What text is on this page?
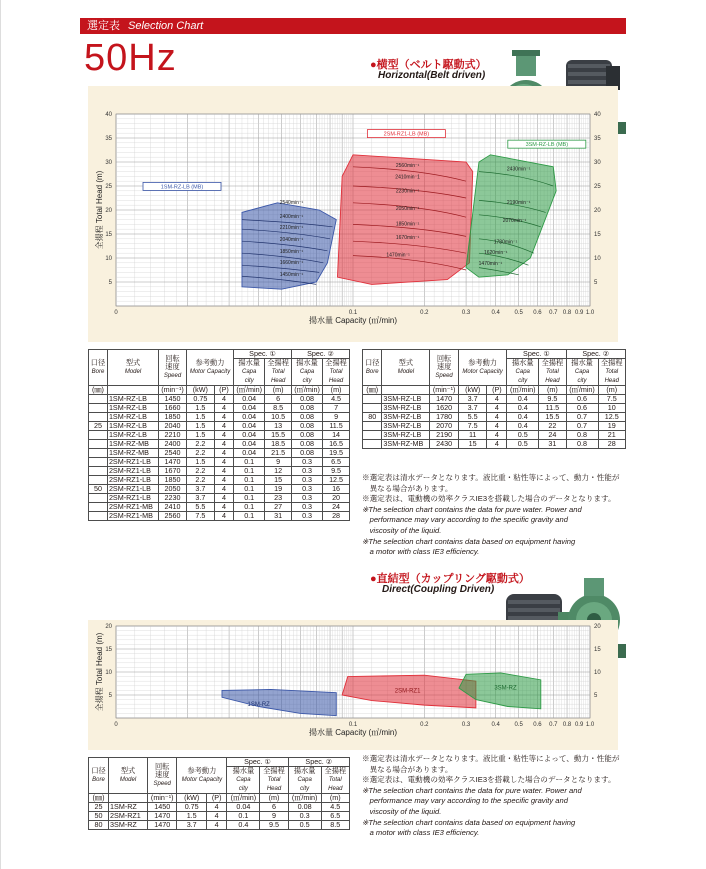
選定表 Selection Chart
50Hz	●横型（ベルト駆動式）
Horizontal(Belt driven)
5	5
10	10
15	15
20	20
25	25
30	30
35	35
40	40
0	0.1	0.2	0.3	0.4 0.5 0.6 0.7 0.8 0.9 1.0
揚水量 Capacity (㎥/min)
全揚程 Total Head (m)	2540min⁻¹
2400min⁻¹
2210min⁻¹
2040min⁻¹
1850min⁻¹
1660min⁻¹
1450min⁻¹
2560min⁻¹
2410min⁻1
2230min⁻¹
2050min⁻¹
1850min⁻¹
1670min⁻¹
1470min⁻¹
2430min⁻¹
2190min⁻¹
2070min⁻¹
1780min⁻¹
1620min⁻¹
1470min⁻¹
1SM-RZ-LB (MB)
2SM-RZ1-LB (MB)
3SM-RZ-LB (MB)
口径
Bore	型式
Model	回転
速度
Speed	参考動力
Motor Capacity		Spec. ①		Spec. ②	
					揚水量
Capa
city	全揚程
Total
Head	揚水量
Capa
city	全揚程
Total
Head
(㎜)		(min⁻¹)	(kW)	(P)	(㎥/min)	(m)	(㎥/min)	(m)
	1SM-RZ-LB	1450	0.75	4	0.04	6	0.08	4.5
	1SM-RZ-LB	1660	1.5	4	0.04	8.5	0.08	7
	1SM-RZ-LB	1850	1.5	4	0.04	10.5	0.08	9
25	1SM-RZ-LB	2040	1.5	4	0.04	13	0.08	11.5
	1SM-RZ-LB	2210	1.5	4	0.04	15.5	0.08	14
	1SM-RZ-MB	2400	2.2	4	0.04	18.5	0.08	16.5
	1SM-RZ-MB	2540	2.2	4	0.04	21.5	0.08	19.5
	2SM-RZ1-LB	1470	1.5	4	0.1	9	0.3	6.5
	2SM-RZ1-LB	1670	2.2	4	0.1	12	0.3	9.5
	2SM-RZ1-LB	1850	2.2	4	0.1	15	0.3	12.5
50	2SM-RZ1-LB	2050	3.7	4	0.1	19	0.3	16
	2SM-RZ1-LB	2230	3.7	4	0.1	23	0.3	20
	2SM-RZ1-MB	2410	5.5	4	0.1	27	0.3	24
	2SM-RZ1-MB	2560	7.5	4	0.1	31	0.3	28
口径
Bore	型式
Model	回転
速度
Speed	参考動力
Motor Capacity		Spec. ①		Spec. ②	
					揚水量
Capa
city	全揚程
Total
Head	揚水量
Capa
city	全揚程
Total
Head
(㎜)		(min⁻¹)	(kW)	(P)	(㎥/min)	(m)	(㎥/min)	(m)
	3SM-RZ-LB	1470	3.7	4	0.4	9.5	0.6	7.5
	3SM-RZ-LB	1620	3.7	4	0.4	11.5	0.6	10
80	3SM-RZ-LB	1780	5.5	4	0.4	15.5	0.7	12.5
	3SM-RZ-LB	2070	7.5	4	0.4	22	0.7	19
	3SM-RZ-LB	2190	11	4	0.5	24	0.8	21
	3SM-RZ-MB	2430	15	4	0.5	31	0.8	28
※選定表は清水データとなります。液比重・粘性等によって、動力・性能が
　異なる場合があります。
※選定表は、電動機の効率クラスIE3を搭載した場合のデータとなります。
※The selection chart contains the data for pure water. Power and
　performance may vary according to the specific gravity and
　viscosity of the liquid.
※The selection chart contains data based on equipment having
　a motor with class IE3 efficiency.
●直結型（カップリング駆動式）
Direct(Coupling Driven)
5	5
10	10
15	15
20	20
0	0.1	0.2	0.3	0.4 0.5 0.6 0.7 0.8 0.9 1.0
揚水量 Capacity (㎥/min)
全揚程 Total Head (m)	1SM-RZ
2SM-RZ1
3SM-RZ
口径
Bore	型式
Model	回転
速度
Speed	参考動力
Motor Capacity		Spec. ①		Spec. ②	
					揚水量
Capa
city	全揚程
Total
Head	揚水量
Capa
city	全揚程
Total
Head
(㎜)		(min⁻¹)	(kW)	(P)	(㎥/min)	(m)	(㎥/min)	(m)
25	1SM-RZ	1450	0.75	4	0.04	6	0.08	4.5
50	2SM-RZ1	1470	1.5	4	0.1	9	0.3	6.5
80	3SM-RZ	1470	3.7	4	0.4	9.5	0.5	8.5
※選定表は清水データとなります。液比重・粘性等によって、動力・性能が
　異なる場合があります。
※選定表は、電動機の効率クラスIE3を搭載した場合のデータとなります。
※The selection chart contains the data for pure water. Power and
　performance may vary according to the specific gravity and
　viscosity of the liquid.
※The selection chart contains data based on equipment having
　a motor with class IE3 efficiency.
